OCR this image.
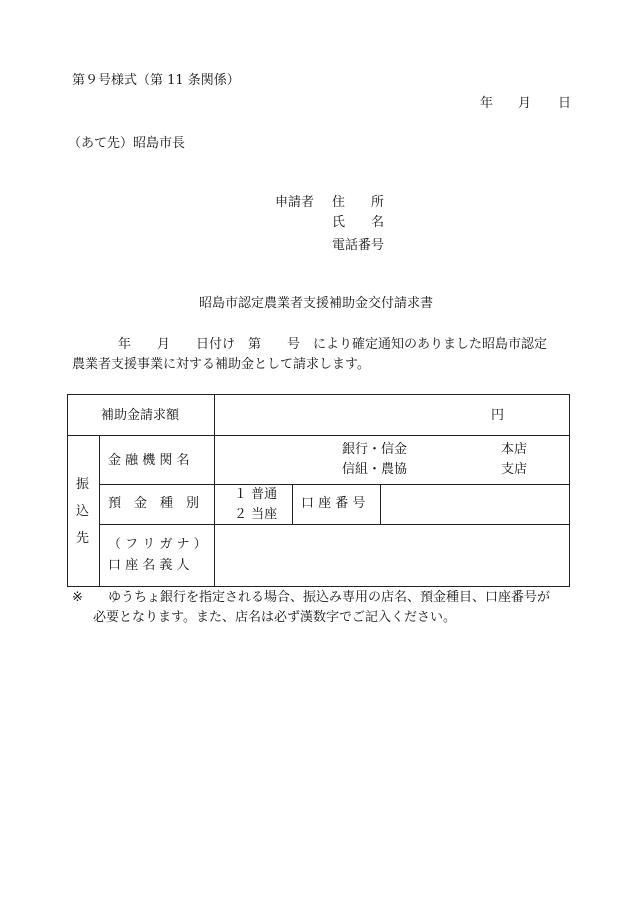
第９号様式（第 11 条関係）
年 月 日
（あて先）昭島市長
申請者 住　　所
氏　　名
電話番号
昭島市認定農業者支援補助金交付請求書
年　　月　　日付け　第　　号　により確定通知のありました昭島市認定
農業者支援事業に対する補助金として請求します。
補助金請求額	円
振
込
先
金 融 機 関 名
銀行・信金
信組・農協
本店
支店
預　金　種　別
１ 普通
２ 当座
口 座 番 号
（ フ リ ガ ナ ）
口 座 名 義 人
※ ゆうちょ銀行を指定される場合、振込み専用の店名、預金種目、口座番号が
必要となります。また、店名は必ず漢数字でご記入ください。
